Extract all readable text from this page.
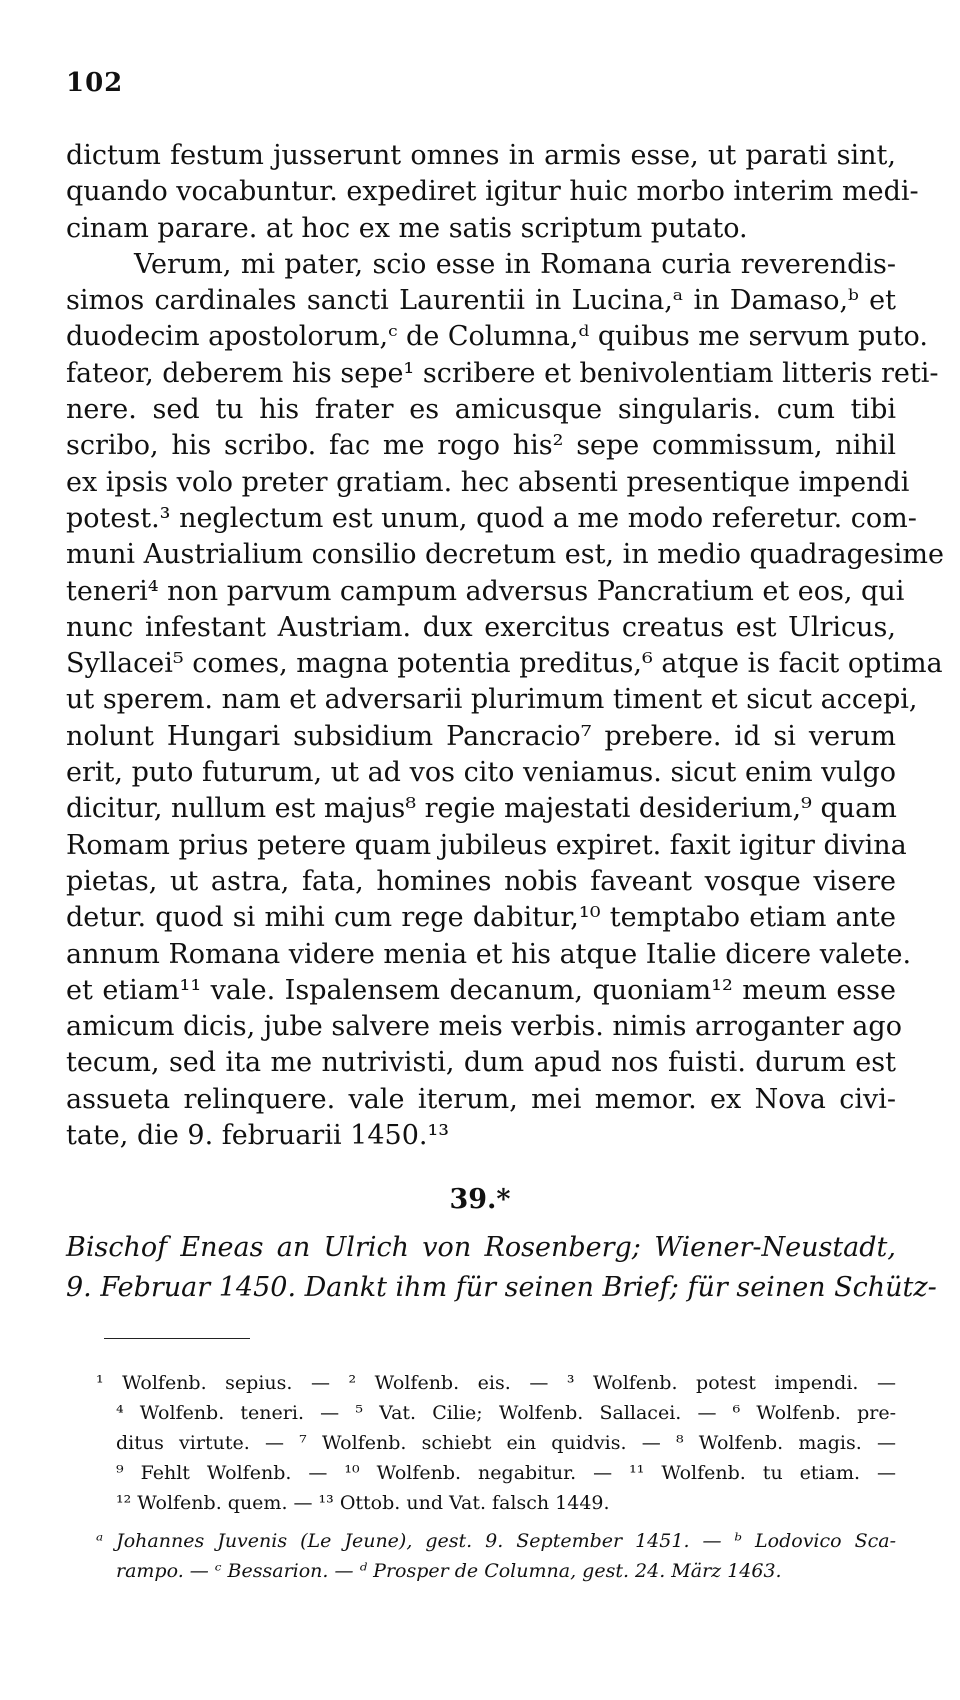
102
dictum festum jusserunt omnes in armis esse, ut parati sint,
quando vocabuntur. expediret igitur huic morbo interim medi-
cinam parare. at hoc ex me satis scriptum putato.
Verum, mi pater, scio esse in Romana curia reverendis-
simos cardinales sancti Laurentii in Lucina,ᵃ in Damaso,ᵇ et
duodecim apostolorum,ᶜ de Columna,ᵈ quibus me servum puto.
fateor, deberem his sepe¹ scribere et benivolentiam litteris reti-
nere. sed tu his frater es amicusque singularis. cum tibi
scribo, his scribo. fac me rogo his² sepe commissum, nihil
ex ipsis volo preter gratiam. hec absenti presentique impendi
potest.³ neglectum est unum, quod a me modo referetur. com-
muni Austrialium consilio decretum est, in medio quadragesime
teneri⁴ non parvum campum adversus Pancratium et eos, qui
nunc infestant Austriam. dux exercitus creatus est Ulricus,
Syllacei⁵ comes, magna potentia preditus,⁶ atque is facit optima
ut sperem. nam et adversarii plurimum timent et sicut accepi,
nolunt Hungari subsidium Pancracio⁷ prebere. id si verum
erit, puto futurum, ut ad vos cito veniamus. sicut enim vulgo
dicitur, nullum est majus⁸ regie majestati desiderium,⁹ quam
Romam prius petere quam jubileus expiret. faxit igitur divina
pietas, ut astra, fata, homines nobis faveant vosque visere
detur. quod si mihi cum rege dabitur,¹⁰ temptabo etiam ante
annum Romana videre menia et his atque Italie dicere valete.
et etiam¹¹ vale. Ispalensem decanum, quoniam¹² meum esse
amicum dicis, jube salvere meis verbis. nimis arroganter ago
tecum, sed ita me nutrivisti, dum apud nos fuisti. durum est
assueta relinquere. vale iterum, mei memor. ex Nova civi-
tate, die 9. februarii 1450.¹³
39.*
Bischof Eneas an Ulrich von Rosenberg; Wiener-Neustadt,
9. Februar 1450. Dankt ihm für seinen Brief; für seinen Schütz-
¹ Wolfenb. sepius. — ² Wolfenb. eis. — ³ Wolfenb. potest impendi. —
⁴ Wolfenb. teneri. — ⁵ Vat. Cilie; Wolfenb. Sallacei. — ⁶ Wolfenb. pre-
ditus virtute. — ⁷ Wolfenb. schiebt ein quidvis. — ⁸ Wolfenb. magis. —
⁹ Fehlt Wolfenb. — ¹⁰ Wolfenb. negabitur. — ¹¹ Wolfenb. tu etiam. —
¹² Wolfenb. quem. — ¹³ Ottob. und Vat. falsch 1449.
ᵃ Johannes Juvenis (Le Jeune), gest. 9. September 1451. — ᵇ Lodovico Sca-
rampo. — ᶜ Bessarion. — ᵈ Prosper de Columna, gest. 24. März 1463.
